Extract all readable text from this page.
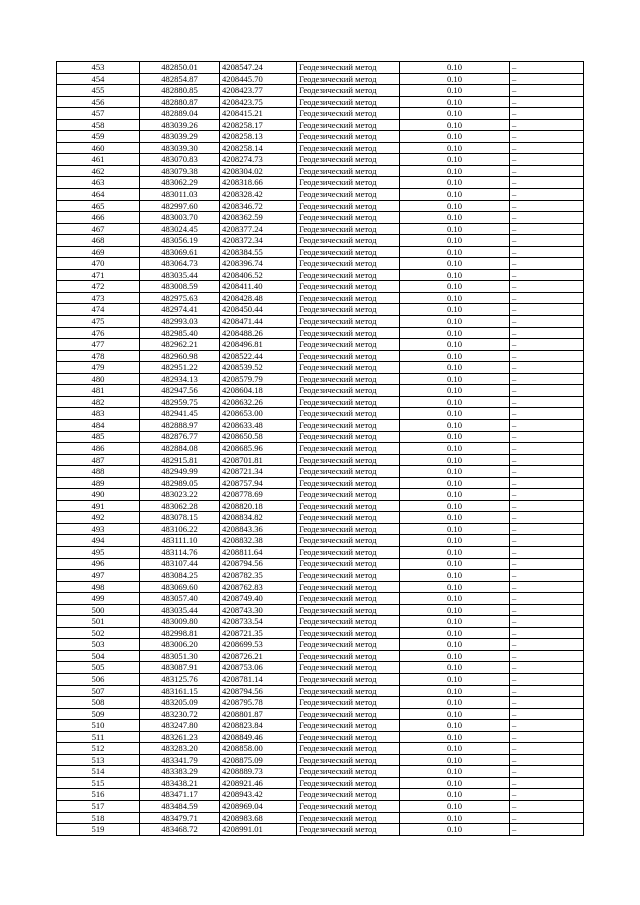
453	482850.01	4208547.24	Геодезический метод	0.10	–
454	482854.87	4208445.70	Геодезический метод	0.10	–
455	482880.85	4208423.77	Геодезический метод	0.10	–
456	482880.87	4208423.75	Геодезический метод	0.10	–
457	482889.04	4208415.21	Геодезический метод	0.10	–
458	483039.26	4208258.17	Геодезический метод	0.10	–
459	483039.29	4208258.13	Геодезический метод	0.10	–
460	483039.30	4208258.14	Геодезический метод	0.10	–
461	483070.83	4208274.73	Геодезический метод	0.10	–
462	483079.38	4208304.02	Геодезический метод	0.10	–
463	483062.29	4208318.66	Геодезический метод	0.10	–
464	483011.03	4208328.42	Геодезический метод	0.10	–
465	482997.60	4208346.72	Геодезический метод	0.10	–
466	483003.70	4208362.59	Геодезический метод	0.10	–
467	483024.45	4208377.24	Геодезический метод	0.10	–
468	483056.19	4208372.34	Геодезический метод	0.10	–
469	483069.61	4208384.55	Геодезический метод	0.10	–
470	483064.73	4208396.74	Геодезический метод	0.10	–
471	483035.44	4208406.52	Геодезический метод	0.10	–
472	483008.59	4208411.40	Геодезический метод	0.10	–
473	482975.63	4208428.48	Геодезический метод	0.10	–
474	482974.41	4208450.44	Геодезический метод	0.10	–
475	482993.03	4208471.44	Геодезический метод	0.10	–
476	482985.40	4208488.26	Геодезический метод	0.10	–
477	482962.21	4208496.81	Геодезический метод	0.10	–
478	482960.98	4208522.44	Геодезический метод	0.10	–
479	482951.22	4208539.52	Геодезический метод	0.10	–
480	482934.13	4208579.79	Геодезический метод	0.10	–
481	482947.56	4208604.18	Геодезический метод	0.10	–
482	482959.75	4208632.26	Геодезический метод	0.10	–
483	482941.45	4208653.00	Геодезический метод	0.10	–
484	482888.97	4208633.48	Геодезический метод	0.10	–
485	482876.77	4208650.58	Геодезический метод	0.10	–
486	482884.08	4208685.96	Геодезический метод	0.10	–
487	482915.81	4208701.81	Геодезический метод	0.10	–
488	482949.99	4208721.34	Геодезический метод	0.10	–
489	482989.05	4208757.94	Геодезический метод	0.10	–
490	483023.22	4208778.69	Геодезический метод	0.10	–
491	483062.28	4208820.18	Геодезический метод	0.10	–
492	483078.15	4208834.82	Геодезический метод	0.10	–
493	483106.22	4208843.36	Геодезический метод	0.10	–
494	483111.10	4208832.38	Геодезический метод	0.10	–
495	483114.76	4208811.64	Геодезический метод	0.10	–
496	483107.44	4208794.56	Геодезический метод	0.10	–
497	483084.25	4208782.35	Геодезический метод	0.10	–
498	483069.60	4208762.83	Геодезический метод	0.10	–
499	483057.40	4208749.40	Геодезический метод	0.10	–
500	483035.44	4208743.30	Геодезический метод	0.10	–
501	483009.80	4208733.54	Геодезический метод	0.10	–
502	482998.81	4208721.35	Геодезический метод	0.10	–
503	483006.20	4208699.53	Геодезический метод	0.10	–
504	483051.30	4208726.21	Геодезический метод	0.10	–
505	483087.91	4208753.06	Геодезический метод	0.10	–
506	483125.76	4208781.14	Геодезический метод	0.10	–
507	483161.15	4208794.56	Геодезический метод	0.10	–
508	483205.09	4208795.78	Геодезический метод	0.10	–
509	483230.72	4208801.87	Геодезический метод	0.10	–
510	483247.80	4208823.84	Геодезический метод	0.10	–
511	483261.23	4208849.46	Геодезический метод	0.10	–
512	483283.20	4208858.00	Геодезический метод	0.10	–
513	483341.79	4208875.09	Геодезический метод	0.10	–
514	483383.29	4208889.73	Геодезический метод	0.10	–
515	483438.21	4208921.46	Геодезический метод	0.10	–
516	483471.17	4208943.42	Геодезический метод	0.10	–
517	483484.59	4208969.04	Геодезический метод	0.10	–
518	483479.71	4208983.68	Геодезический метод	0.10	–
519	483468.72	4208991.01	Геодезический метод	0.10	–
